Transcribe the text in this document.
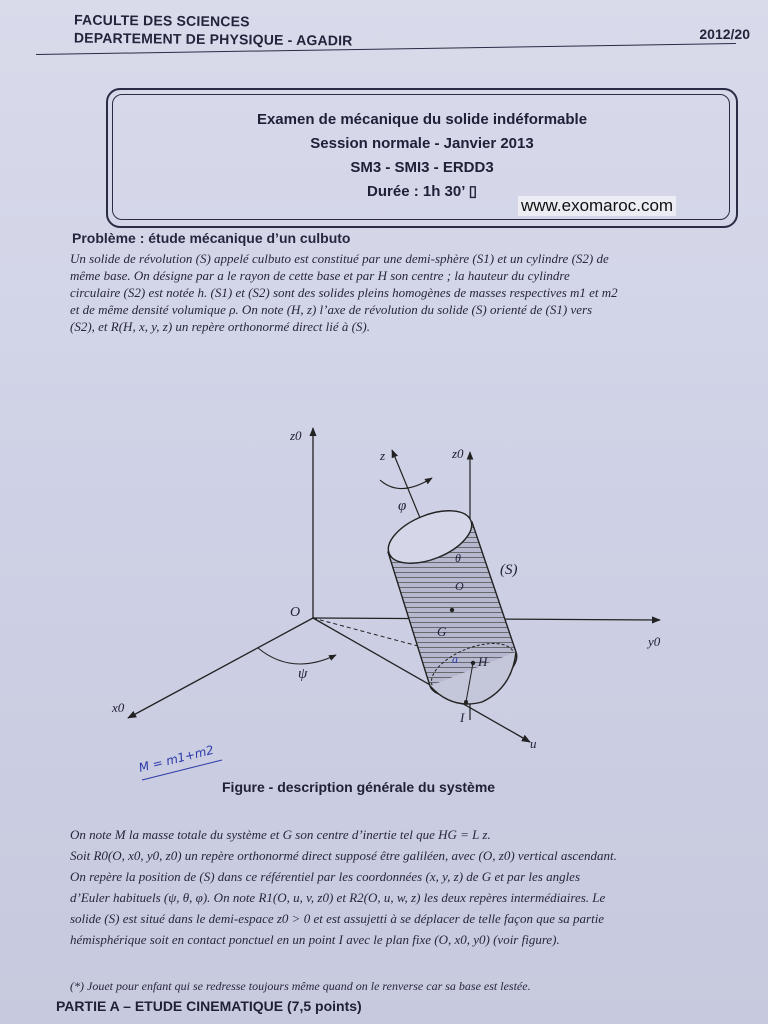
FACULTE DES SCIENCES
DEPARTEMENT DE PHYSIQUE - AGADIR	2012/20
Examen de mécanique du solide indéformable
Session normale - Janvier 2013
SM3 - SMI3 - ERDD3
Durée : 1h 30’ ▯
www.exomaroc.com
Problème : étude mécanique d’un culbuto
Un solide de révolution (S) appelé culbuto est constitué par une demi-sphère (S1) et un cylindre (S2) de
même base. On désigne par a le rayon de cette base et par H son centre ; la hauteur du cylindre
circulaire (S2) est notée h. (S1) et (S2) sont des solides pleins homogènes de masses respectives m1 et m2
et de même densité volumique ρ. On note (H, z) l’axe de révolution du solide (S) orienté de (S1) vers
(S2), et R(H, x, y, z) un repère orthonormé direct lié à (S).
z0
z	z0
φ
(S)
O
O
G
H
I
ψ
x0
y0
u
θ
a
M = m1+m2
Figure - description générale du système
On note M la masse totale du système et G son centre d’inertie tel que HG = L z.
Soit R0(O, x0, y0, z0) un repère orthonormé direct supposé être galiléen, avec (O, z0) vertical ascendant.
On repère la position de (S) dans ce référentiel par les coordonnées (x, y, z) de G et par les angles
d’Euler habituels (ψ, θ, φ). On note R1(O, u, v, z0) et R2(O, u, w, z) les deux repères intermédiaires. Le
solide (S) est situé dans le demi-espace z0 > 0 et est assujetti à se déplacer de telle façon que sa partie
hémisphérique soit en contact ponctuel en un point I avec le plan fixe (O, x0, y0) (voir figure).
(*) Jouet pour enfant qui se redresse toujours même quand on le renverse car sa base est lestée.
PARTIE A – ETUDE CINEMATIQUE (7,5 points)
